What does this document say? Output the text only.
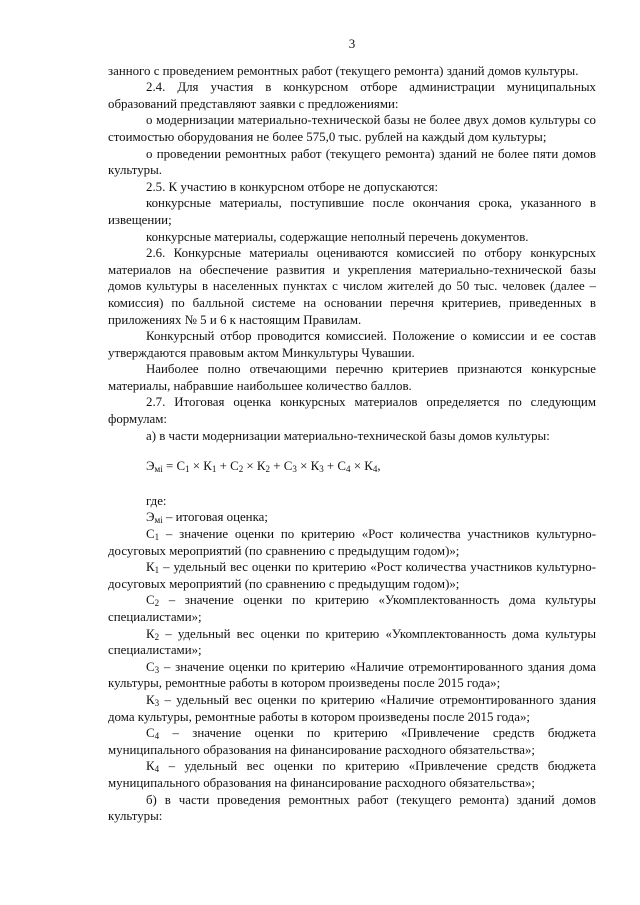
3

занного с проведением ремонтных работ (текущего ремонта) зданий домов культуры.

2.4. Для участия в конкурсном отборе администрации муниципальных образований представляют заявки с предложениями:

о модернизации материально-технической базы не более двух домов культуры со стоимостью оборудования не более 575,0 тыс. рублей на каждый дом культуры;

о проведении ремонтных работ (текущего ремонта) зданий не более пяти домов культуры.

2.5. К участию в конкурсном отборе не допускаются:

конкурсные материалы, поступившие после окончания срока, указанного в извещении;

конкурсные материалы, содержащие неполный перечень документов.

2.6. Конкурсные материалы оцениваются комиссией по отбору конкурсных материалов на обеспечение развития и укрепления материально-технической базы домов культуры в населенных пунктах с числом жителей до 50 тыс. человек (далее – комиссия) по балльной системе на основании перечня критериев, приведенных в приложениях № 5 и 6 к настоящим Правилам.

Конкурсный отбор проводится комиссией. Положение о комиссии и ее состав утверждаются правовым актом Минкультуры Чувашии.

Наиболее полно отвечающими перечню критериев признаются конкурсные материалы, набравшие наибольшее количество баллов.

2.7. Итоговая оценка конкурсных материалов определяется по следующим формулам:

а) в части модернизации материально-технической базы домов культуры:

$Э_{мi} = С_1 \times К_1 + С_2 \times К_2 + С_3 \times К_3 + С_4 \times К_4$,

где:

$Э_{мi}$ – итоговая оценка;

$С_1$ – значение оценки по критерию «Рост количества участников культурно-досуговых мероприятий (по сравнению с предыдущим годом)»;

$К_1$ – удельный вес оценки по критерию «Рост количества участников культурно-досуговых мероприятий (по сравнению с предыдущим годом)»;

$С_2$ – значение оценки по критерию «Укомплектованность дома культуры специалистами»;

$К_2$ – удельный вес оценки по критерию «Укомплектованность дома культуры специалистами»;

$С_3$ – значение оценки по критерию «Наличие отремонтированного здания дома культуры, ремонтные работы в котором произведены после 2015 года»;

$К_3$ – удельный вес оценки по критерию «Наличие отремонтированного здания дома культуры, ремонтные работы в котором произведены после 2015 года»;

$С_4$ – значение оценки по критерию «Привлечение средств бюджета муниципального образования на финансирование расходного обязательства»;

$К_4$ – удельный вес оценки по критерию «Привлечение средств бюджета муниципального образования на финансирование расходного обязательства»;

б) в части проведения ремонтных работ (текущего ремонта) зданий домов культуры:
